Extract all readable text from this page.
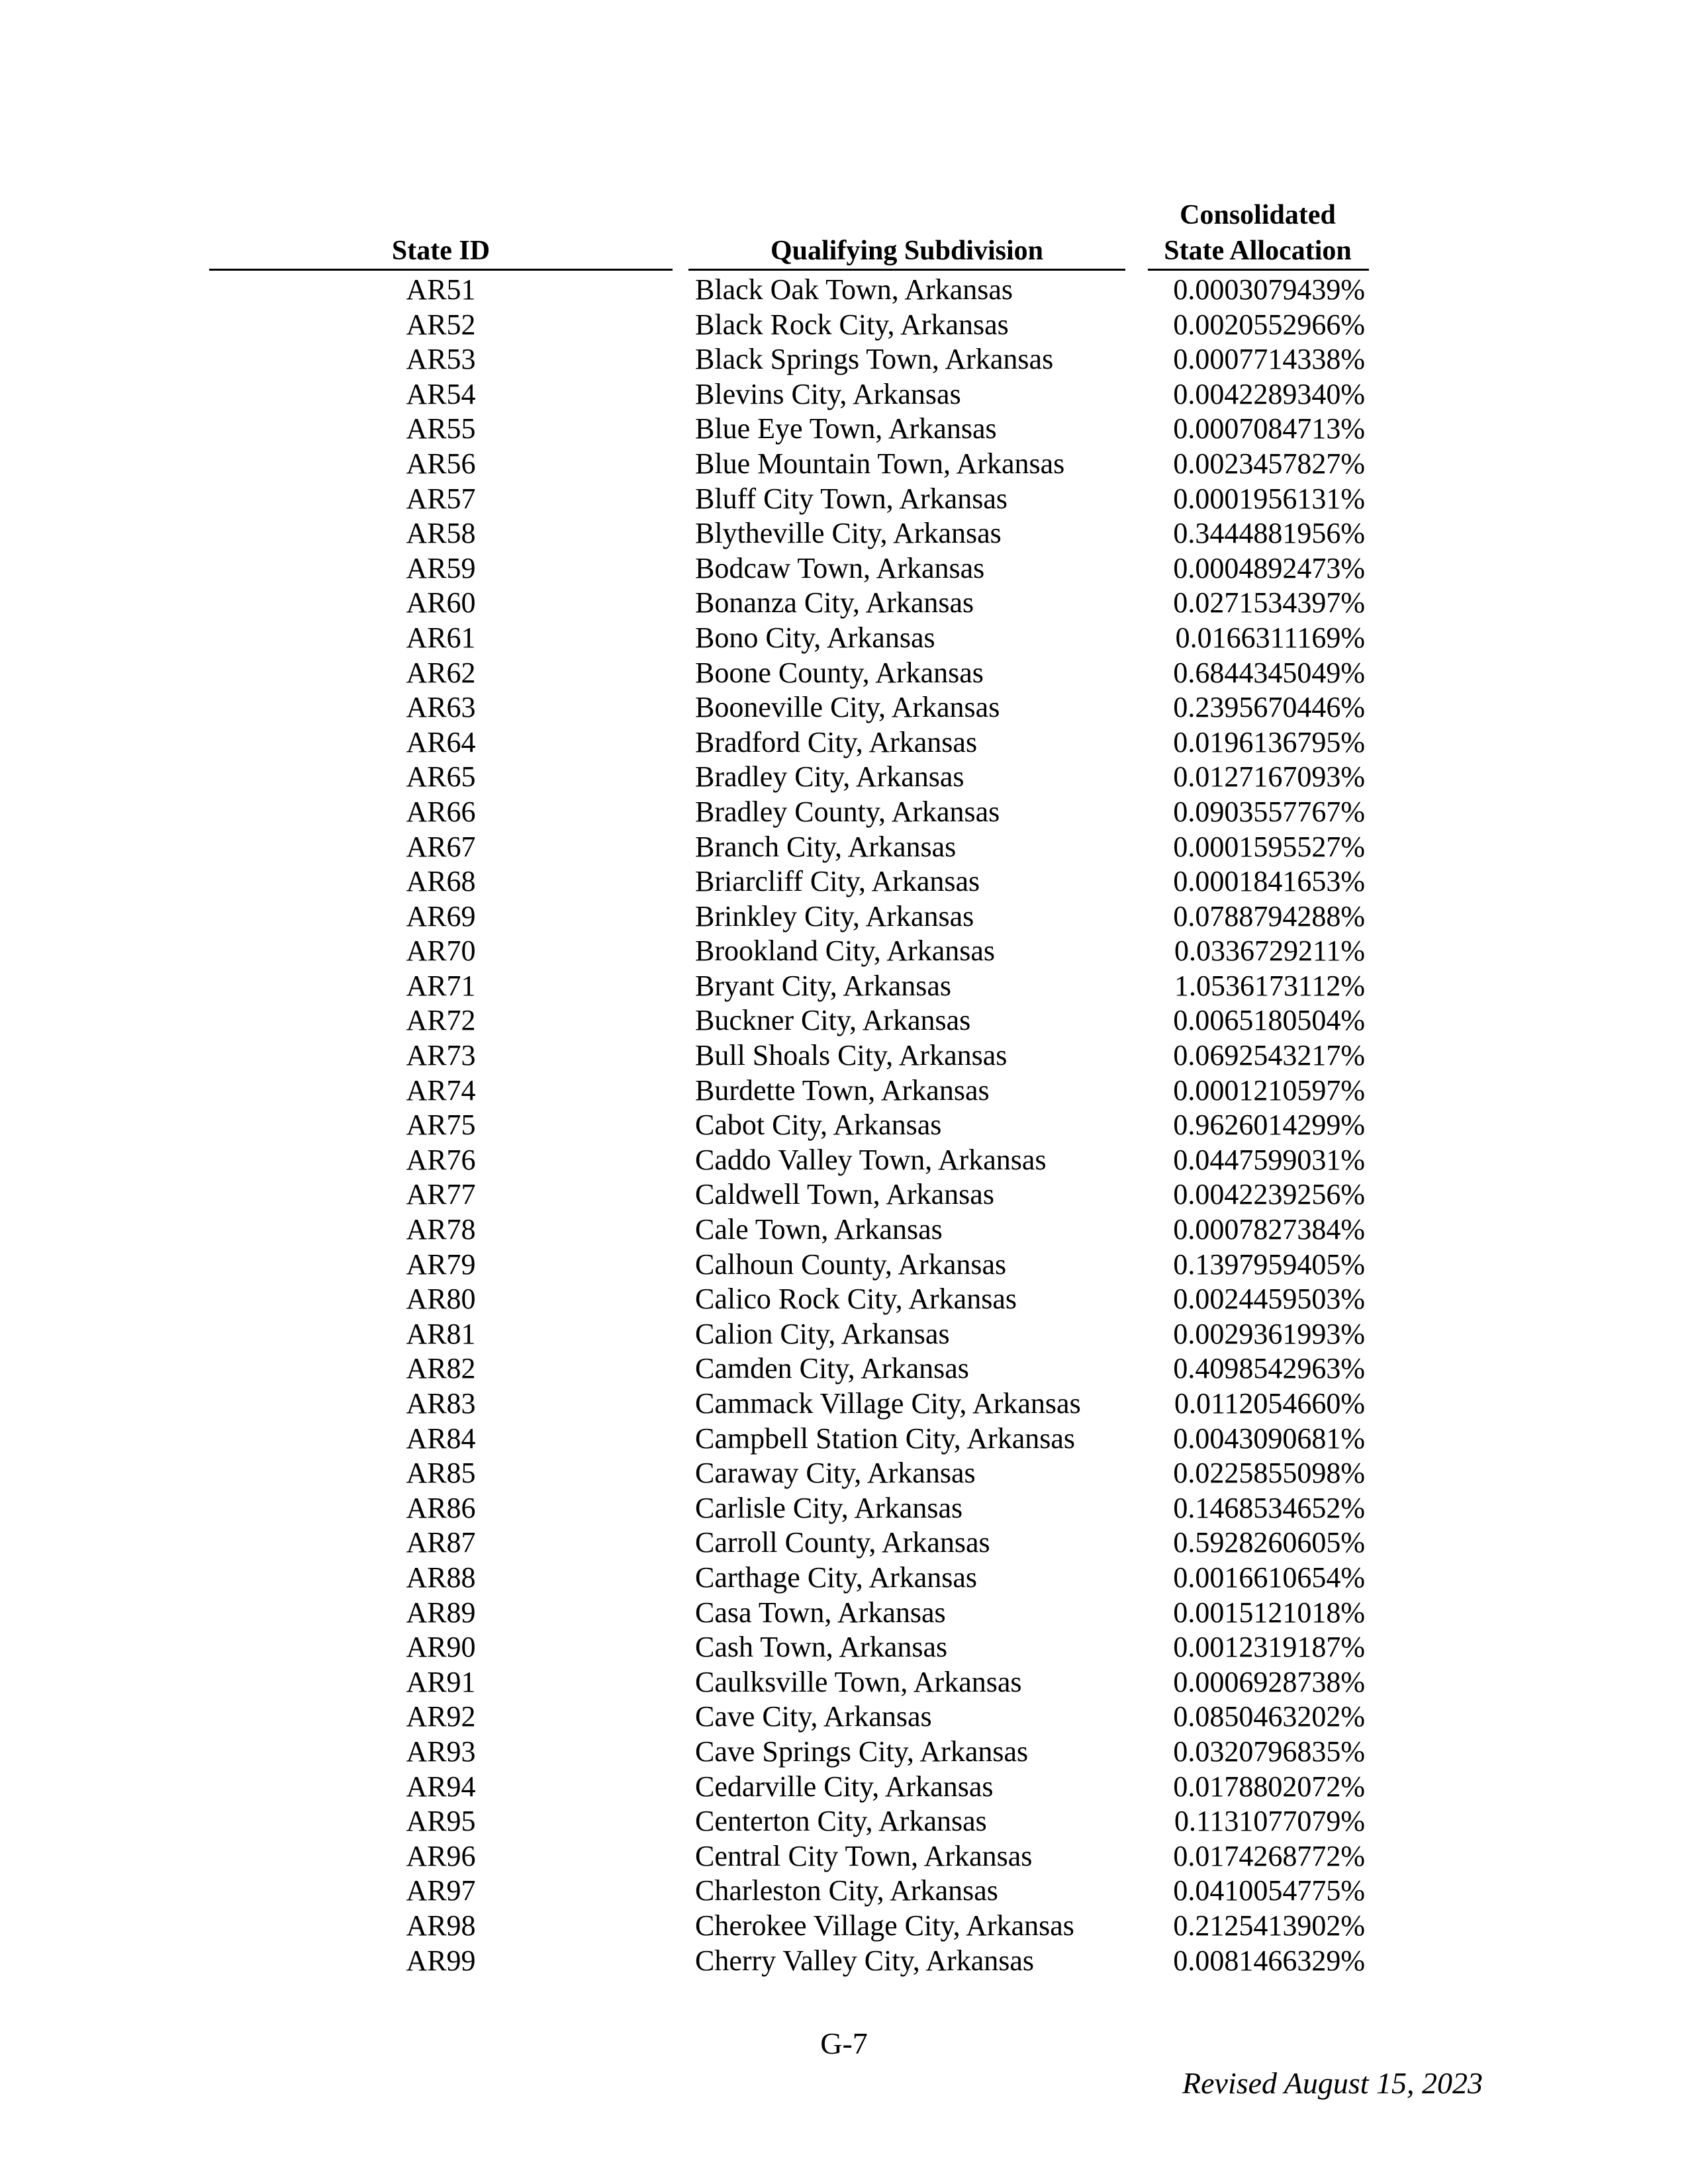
State ID	Qualifying Subdivision
Consolidated
State Allocation
AR51	Black Oak Town, Arkansas	0.0003079439%
AR52	Black Rock City, Arkansas	0.0020552966%
AR53	Black Springs Town, Arkansas	0.0007714338%
AR54	Blevins City, Arkansas	0.0042289340%
AR55	Blue Eye Town, Arkansas	0.0007084713%
AR56	Blue Mountain Town, Arkansas	0.0023457827%
AR57	Bluff City Town, Arkansas	0.0001956131%
AR58	Blytheville City, Arkansas	0.3444881956%
AR59	Bodcaw Town, Arkansas	0.0004892473%
AR60	Bonanza City, Arkansas	0.0271534397%
AR61	Bono City, Arkansas	0.0166311169%
AR62	Boone County, Arkansas	0.6844345049%
AR63	Booneville City, Arkansas	0.2395670446%
AR64	Bradford City, Arkansas	0.0196136795%
AR65	Bradley City, Arkansas	0.0127167093%
AR66	Bradley County, Arkansas	0.0903557767%
AR67	Branch City, Arkansas	0.0001595527%
AR68	Briarcliff City, Arkansas	0.0001841653%
AR69	Brinkley City, Arkansas	0.0788794288%
AR70	Brookland City, Arkansas	0.0336729211%
AR71	Bryant City, Arkansas	1.0536173112%
AR72	Buckner City, Arkansas	0.0065180504%
AR73	Bull Shoals City, Arkansas	0.0692543217%
AR74	Burdette Town, Arkansas	0.0001210597%
AR75	Cabot City, Arkansas	0.9626014299%
AR76	Caddo Valley Town, Arkansas	0.0447599031%
AR77	Caldwell Town, Arkansas	0.0042239256%
AR78	Cale Town, Arkansas	0.0007827384%
AR79	Calhoun County, Arkansas	0.1397959405%
AR80	Calico Rock City, Arkansas	0.0024459503%
AR81	Calion City, Arkansas	0.0029361993%
AR82	Camden City, Arkansas	0.4098542963%
AR83	Cammack Village City, Arkansas	0.0112054660%
AR84	Campbell Station City, Arkansas	0.0043090681%
AR85	Caraway City, Arkansas	0.0225855098%
AR86	Carlisle City, Arkansas	0.1468534652%
AR87	Carroll County, Arkansas	0.5928260605%
AR88	Carthage City, Arkansas	0.0016610654%
AR89	Casa Town, Arkansas	0.0015121018%
AR90	Cash Town, Arkansas	0.0012319187%
AR91	Caulksville Town, Arkansas	0.0006928738%
AR92	Cave City, Arkansas	0.0850463202%
AR93	Cave Springs City, Arkansas	0.0320796835%
AR94	Cedarville City, Arkansas	0.0178802072%
AR95	Centerton City, Arkansas	0.1131077079%
AR96	Central City Town, Arkansas	0.0174268772%
AR97	Charleston City, Arkansas	0.0410054775%
AR98	Cherokee Village City, Arkansas	0.2125413902%
AR99	Cherry Valley City, Arkansas	0.0081466329%
G-7
Revised August 15, 2023
